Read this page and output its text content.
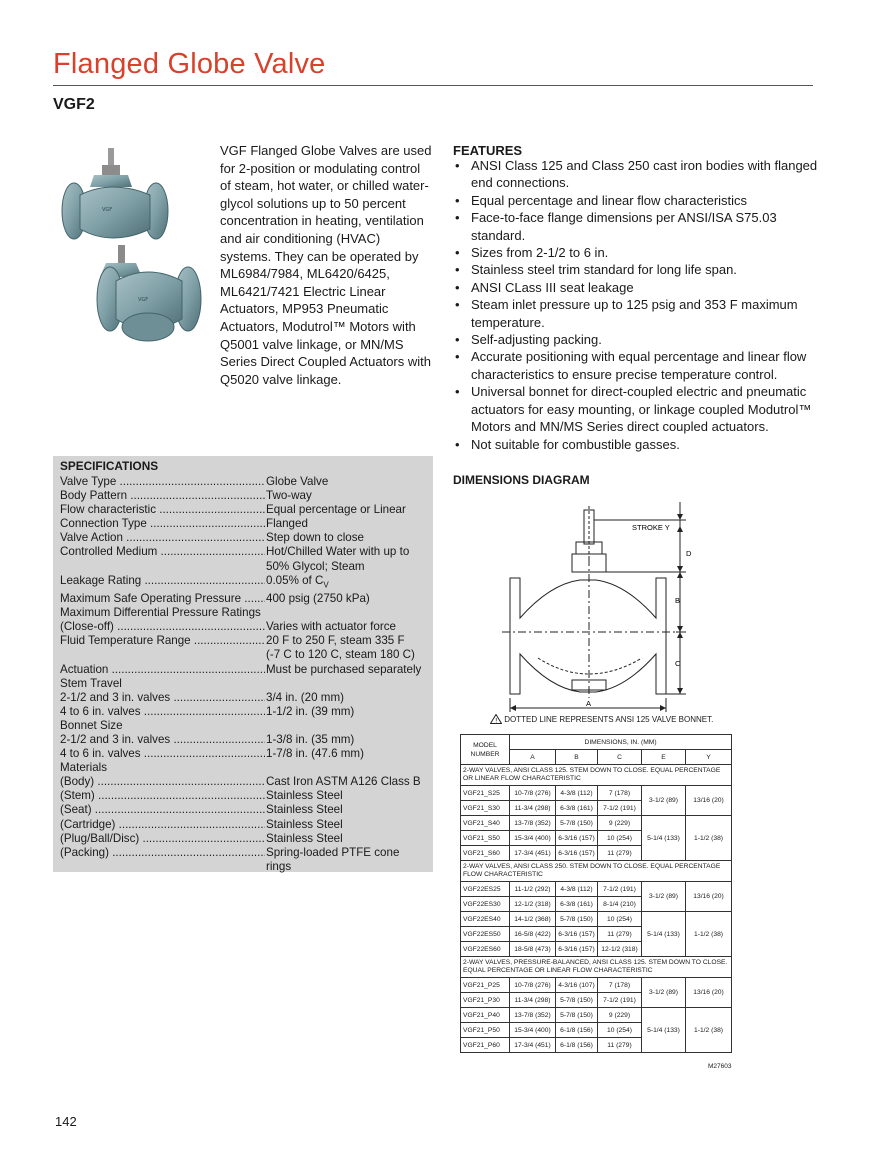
Flanged Globe Valve
VGF2
VGF
VGF
VGF Flanged Globe Valves are used for 2-position or modulating control of steam, hot water, or chilled water-glycol solutions up to 50 percent concentration in heating, ventilation and air conditioning (HVAC) systems. They can be operated by ML6984/7984, ML6420/6425, ML6421/7421 Electric Linear Actuators, MP953 Pneumatic Actuators, Modutrol™ Motors with Q5001 valve linkage, or MN/MS Series Direct Coupled Actuators with Q5020 valve linkage.
FEATURES
• ANSI Class 125 and Class 250 cast iron bodies with flanged end connections.
• Equal percentage and linear flow characteristics
• Face-to-face flange dimensions per ANSI/ISA S75.03 standard.
• Sizes from 2-1/2 to 6 in.
• Stainless steel trim standard for long life span.
• ANSI CLass III seat leakage
• Steam inlet pressure up to 125 psig and 353 F maximum temperature.
• Self-adjusting packing.
• Accurate positioning with equal percentage and linear flow characteristics to ensure precise temperature control.
• Universal bonnet for direct-coupled electric and pneumatic actuators for easy mounting, or linkage coupled Modutrol™ Motors and MN/MS Series direct coupled actuators.
• Not suitable for combustible gasses.
SPECIFICATIONS
Valve Type .....	Globe Valve
Body Pattern .....	Two-way
Flow characteristic .....	Equal percentage or Linear
Connection Type .....	Flanged
Valve Action .....	Step down to close
Controlled Medium .....	Hot/Chilled Water with up to
50% Glycol; Steam
Leakage Rating .....	0.05% of $C_V$
Maximum Safe Operating Pressure .....	400 psig (2750 kPa)
Maximum Differential Pressure Ratings
(Close-off) .....	Varies with actuator force
Fluid Temperature Range .....	20 F to 250 F, steam 335 F
(-7 C to 120 C, steam 180 C)
Actuation .....	Must be purchased separately
Stem Travel
2-1/2 and 3 in. valves .....	3/4 in. (20 mm)
4 to 6 in. valves .....	1-1/2 in. (39 mm)
Bonnet Size
2-1/2 and 3 in. valves .....	1-3/8 in. (35 mm)
4 to 6 in. valves .....	1-7/8 in. (47.6 mm)
Materials
(Body) .....	Cast Iron ASTM A126 Class B
(Stem) .....	Stainless Steel
(Seat) .....	Stainless Steel
(Cartridge) .....	Stainless Steel
(Plug/Ball/Disc) .....	Stainless Steel
(Packing) .....	Spring-loaded PTFE cone
rings
DIMENSIONS DIAGRAM
STROKE Y
D
B
C
A
! DOTTED LINE REPRESENTS ANSI 125 VALVE BONNET.
MODEL NUMBER	DIMENSIONS, IN. (MM)				
	A	B	C	E	Y
2-WAY VALVES, ANSI CLASS 125. STEM DOWN TO CLOSE. EQUAL PERCENTAGE OR LINEAR FLOW CHARACTERISTIC					
VGF21_S25	10-7/8 (276)	4-3/8 (112)	7 (178)	3-1/2 (89)	13/16 (20)
VGF21_S30	11-3/4 (298)	6-3/8 (161)	7-1/2 (191)		
VGF21_S40	13-7/8 (352)	5-7/8 (150)	9 (229)	5-1/4 (133)	1-1/2 (38)
VGF21_S50	15-3/4 (400)	6-3/16 (157)	10 (254)		
VGF21_S60	17-3/4 (451)	6-3/16 (157)	11 (279)		
2-WAY VALVES, ANSI CLASS 250. STEM DOWN TO CLOSE. EQUAL PERCENTAGE FLOW CHARACTERISTIC					
VGF22ES25	11-1/2 (292)	4-3/8 (112)	7-1/2 (191)	3-1/2 (89)	13/16 (20)
VGF22ES30	12-1/2 (318)	6-3/8 (161)	8-1/4 (210)		
VGF22ES40	14-1/2 (368)	5-7/8 (150)	10 (254)	5-1/4 (133)	1-1/2 (38)
VGF22ES50	16-5/8 (422)	6-3/16 (157)	11 (279)		
VGF22ES60	18-5/8 (473)	6-3/16 (157)	12-1/2 (318)		
2-WAY VALVES, PRESSURE-BALANCED, ANSI CLASS 125. STEM DOWN TO CLOSE. EQUAL PERCENTAGE OR LINEAR FLOW CHARACTERISTIC					
VGF21_P25	10-7/8 (276)	4-3/16 (107)	7 (178)	3-1/2 (89)	13/16 (20)
VGF21_P30	11-3/4 (298)	5-7/8 (150)	7-1/2 (191)		
VGF21_P40	13-7/8 (352)	5-7/8 (150)	9 (229)	5-1/4 (133)	1-1/2 (38)
VGF21_P50	15-3/4 (400)	6-1/8 (156)	10 (254)		
VGF21_P60	17-3/4 (451)	6-1/8 (156)	11 (279)		
M27603
142
